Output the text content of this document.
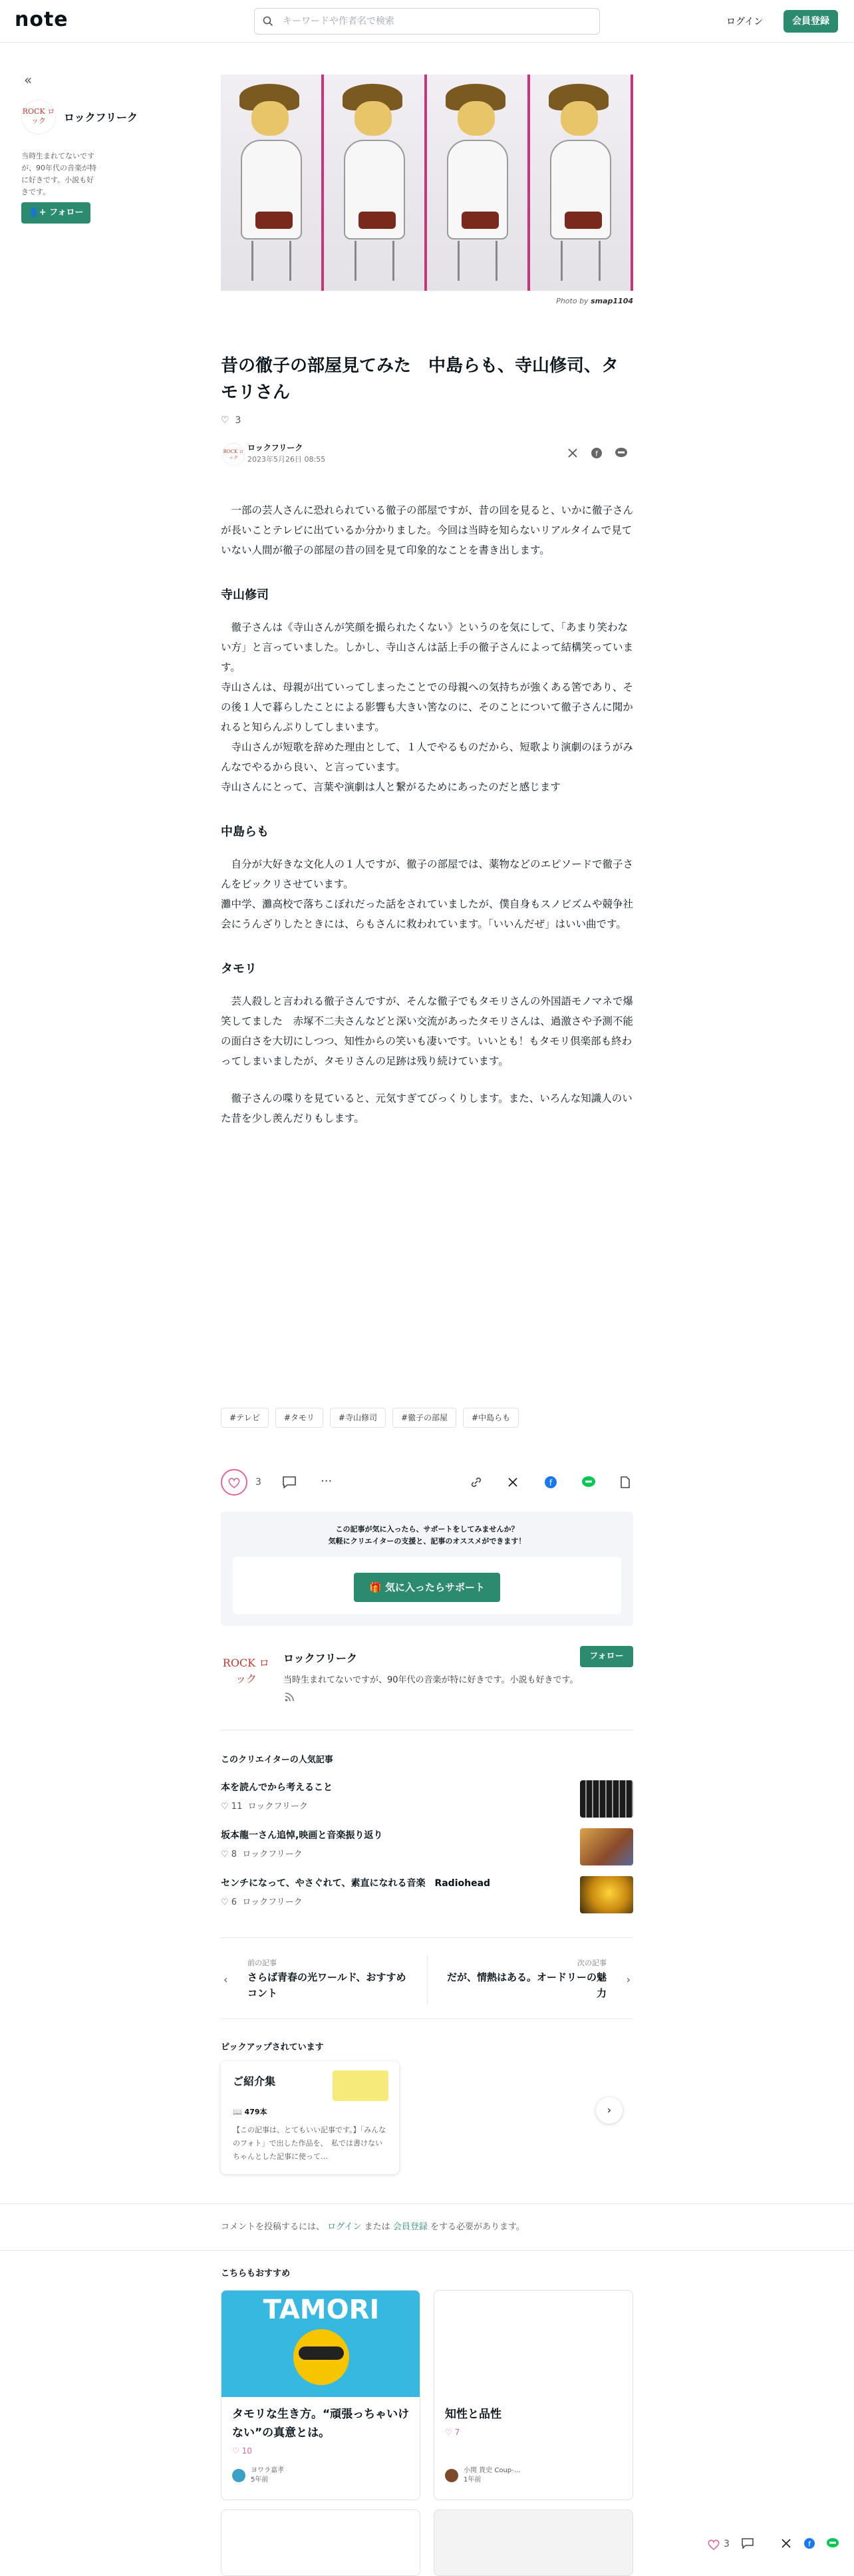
note
キーワードや作者名で検索	ログイン	会員登録
«
ROCK ロック	ロックフリーク
当時生まれてないですが、90年代の音楽が特に好きです。小説も好きです。
👤+ フォロー
Photo by smap1104
昔の徹子の部屋見てみた　中島らも、寺山修司、タモリさん
♡ 3
ROCK ロック
ロックフリーク
2023年5月26日 08:55
f

　一部の芸人さんに恐れられている徹子の部屋ですが、昔の回を見ると、いかに徹子さんが長いことテレビに出ているか分かりました。今回は当時を知らないリアルタイムで見ていない人間が徹子の部屋の昔の回を見て印象的なことを書き出します。

寺山修司

　徹子さんは《寺山さんが笑顔を撮られたくない》というのを気にして、「あまり笑わない方」と言っていました。しかし、寺山さんは話上手の徹子さんによって結構笑っています。
寺山さんは、母親が出ていってしまったことでの母親への気持ちが強くある筈であり、その後１人で暮らしたことによる影響も大きい筈なのに、そのことについて徹子さんに聞かれると知らんぷりしてしまいます。
　寺山さんが短歌を辞めた理由として、１人でやるものだから、短歌より演劇のほうがみんなでやるから良い、と言っています。
寺山さんにとって、言葉や演劇は人と繋がるためにあったのだと感じます

中島らも

　自分が大好きな文化人の１人ですが、徹子の部屋では、薬物などのエピソードで徹子さんをビックリさせています。
灘中学、灘高校で落ちこぼれだった話をされていましたが、僕自身もスノビズムや競争社会にうんざりしたときには、らもさんに救われています。「いいんだぜ」はいい曲です。

タモリ

　芸人殺しと言われる徹子さんですが、そんな徹子でもタモリさんの外国語モノマネで爆笑してました　赤塚不二夫さんなどと深い交流があったタモリさんは、過激さや予測不能の面白さを大切にしつつ、知性からの笑いも凄いです。いいとも！もタモリ倶楽部も終わってしまいましたが、タモリさんの足跡は残り続けています。

　徹子さんの喋りを見ていると、元気すぎてびっくりします。また、いろんな知識人のいた昔を少し羨んだりもします。

#テレビ	#タモリ	#寺山修司	#徹子の部屋	#中島らも
3	···	f
この記事が気に入ったら、サポートをしてみませんか？
気軽にクリエイターの支援と、記事のオススメができます！
🎁 気に入ったらサポート
ROCK ロック
ロックフリーク
当時生まれてないですが、90年代の音楽が特に好きです。小説も好きです。
フォロー
このクリエイターの人気記事
本を読んでから考えること
♡ 11 ロックフリーク
坂本龍一さん追悼,映画と音楽振り返り
♡ 8 ロックフリーク
センチになって、やさぐれて、素直になれる音楽　Radiohead
♡ 6 ロックフリーク
‹
前の記事
さらば青春の光ワールド、おすすめコント
次の記事
だが、情熱はある。オードリーの魅力
›
ピックアップされています
ご紹介集
📖 479本
【この記事は、とてもいい記事です。】「みんなのフォト」で出した作品を、　私では書けないちゃんとした記事に使って…
›
コメントを投稿するには、 ログイン または 会員登録 をする必要があります。
こちらもおすすめ
TAMORI
タモリな生き方。“頑張っちゃいけない”の真意とは。
♡ 10
ヨワラ嘉孝
5年前
知性と品性
♡ 7
小関 貴史 Coup-…
1年前
3	f
